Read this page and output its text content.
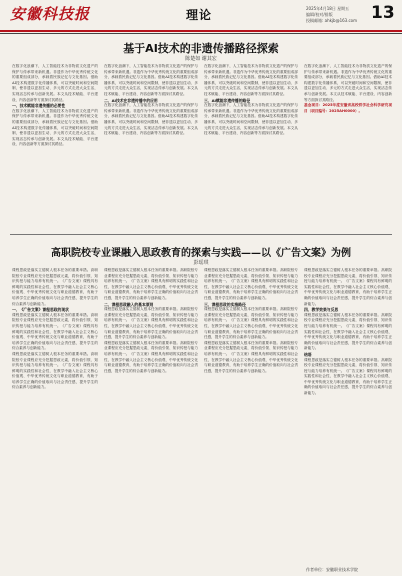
安徽科技报	理论	2025年4月18日 星期五
编辑/校对/排版
投稿邮箱: ahkjb@163.com 13
基于AI技术的非遗传播路径探索
陈楚如 谢其宏

在数字化浪潮下，人工智能技术为非物质文化遗产的保护与传承带来新机遇。非遗作为中华优秀传统文化的重要组成部分，承载着民族记忆与文化基因。借助AI技术构建数字化传播体系，可以突破时间和空间限制，使非遗以更加生动、多元的方式走进大众生活，实现活态传承与创新发展。本文从技术赋能、平台建设、内容创新等方面探讨其路径。

一、技术赋能非遗传播的必要性

在数字化浪潮下，人工智能技术为非物质文化遗产的保护与传承带来新机遇。非遗作为中华优秀传统文化的重要组成部分，承载着民族记忆与文化基因。借助AI技术构建数字化传播体系，可以突破时间和空间限制，使非遗以更加生动、多元的方式走进大众生活，实现活态传承与创新发展。本文从技术赋能、平台建设、内容创新等方面探讨其路径。

在数字化浪潮下，人工智能技术为非物质文化遗产的保护与传承带来新机遇。非遗作为中华优秀传统文化的重要组成部分，承载着民族记忆与文化基因。借助AI技术构建数字化传播体系，可以突破时间和空间限制，使非遗以更加生动、多元的方式走进大众生活，实现活态传承与创新发展。本文从技术赋能、平台建设、内容创新等方面探讨其路径。

二、AI技术在非遗传播中的应用

在数字化浪潮下，人工智能技术为非物质文化遗产的保护与传承带来新机遇。非遗作为中华优秀传统文化的重要组成部分，承载着民族记忆与文化基因。借助AI技术构建数字化传播体系，可以突破时间和空间限制，使非遗以更加生动、多元的方式走进大众生活，实现活态传承与创新发展。本文从技术赋能、平台建设、内容创新等方面探讨其路径。

在数字化浪潮下，人工智能技术为非物质文化遗产的保护与传承带来新机遇。非遗作为中华优秀传统文化的重要组成部分，承载着民族记忆与文化基因。借助AI技术构建数字化传播体系，可以突破时间和空间限制，使非遗以更加生动、多元的方式走进大众生活，实现活态传承与创新发展。本文从技术赋能、平台建设、内容创新等方面探讨其路径。

三、AI赋能非遗传播的路径

在数字化浪潮下，人工智能技术为非物质文化遗产的保护与传承带来新机遇。非遗作为中华优秀传统文化的重要组成部分，承载着民族记忆与文化基因。借助AI技术构建数字化传播体系，可以突破时间和空间限制，使非遗以更加生动、多元的方式走进大众生活，实现活态传承与创新发展。本文从技术赋能、平台建设、内容创新等方面探讨其路径。

在数字化浪潮下，人工智能技术为非物质文化遗产的保护与传承带来新机遇。非遗作为中华优秀传统文化的重要组成部分，承载着民族记忆与文化基因。借助AI技术构建数字化传播体系，可以突破时间和空间限制，使非遗以更加生动、多元的方式走进大众生活，实现活态传承与创新发展。本文从技术赋能、平台建设、内容创新等方面探讨其路径。

基金项目：2025年度安徽省高校哲学社会科学研究项目（项目编号：2025AH0000）。

高职院校专业课融入思政教育的探索与实践——以《广告文案》为例
彭瑶琪

课程思政是落实立德树人根本任务的重要举措。高职院校专业课程应充分挖掘思政元素，将价值引领、知识传授与能力培养有机统一。《广告文案》课程具有鲜明的实践性和社会性，在教学中融入社会主义核心价值观、中华优秀传统文化与职业道德教育，有助于培养学生正确的价值取向与社会责任感，提升学生的综合素养与创新能力。

一、《广告文案》课程思政的现状

课程思政是落实立德树人根本任务的重要举措。高职院校专业课程应充分挖掘思政元素，将价值引领、知识传授与能力培养有机统一。《广告文案》课程具有鲜明的实践性和社会性，在教学中融入社会主义核心价值观、中华优秀传统文化与职业道德教育，有助于培养学生正确的价值取向与社会责任感，提升学生的综合素养与创新能力。

课程思政是落实立德树人根本任务的重要举措。高职院校专业课程应充分挖掘思政元素，将价值引领、知识传授与能力培养有机统一。《广告文案》课程具有鲜明的实践性和社会性，在教学中融入社会主义核心价值观、中华优秀传统文化与职业道德教育，有助于培养学生正确的价值取向与社会责任感，提升学生的综合素养与创新能力。

课程思政是落实立德树人根本任务的重要举措。高职院校专业课程应充分挖掘思政元素，将价值引领、知识传授与能力培养有机统一。《广告文案》课程具有鲜明的实践性和社会性，在教学中融入社会主义核心价值观、中华优秀传统文化与职业道德教育，有助于培养学生正确的价值取向与社会责任感，提升学生的综合素养与创新能力。

二、课程思政融入的基本原则

课程思政是落实立德树人根本任务的重要举措。高职院校专业课程应充分挖掘思政元素，将价值引领、知识传授与能力培养有机统一。《广告文案》课程具有鲜明的实践性和社会性，在教学中融入社会主义核心价值观、中华优秀传统文化与职业道德教育，有助于培养学生正确的价值取向与社会责任感，提升学生的综合素养与创新能力。

课程思政是落实立德树人根本任务的重要举措。高职院校专业课程应充分挖掘思政元素，将价值引领、知识传授与能力培养有机统一。《广告文案》课程具有鲜明的实践性和社会性，在教学中融入社会主义核心价值观、中华优秀传统文化与职业道德教育，有助于培养学生正确的价值取向与社会责任感，提升学生的综合素养与创新能力。

课程思政是落实立德树人根本任务的重要举措。高职院校专业课程应充分挖掘思政元素，将价值引领、知识传授与能力培养有机统一。《广告文案》课程具有鲜明的实践性和社会性，在教学中融入社会主义核心价值观、中华优秀传统文化与职业道德教育，有助于培养学生正确的价值取向与社会责任感，提升学生的综合素养与创新能力。

三、课程思政的实施路径

课程思政是落实立德树人根本任务的重要举措。高职院校专业课程应充分挖掘思政元素，将价值引领、知识传授与能力培养有机统一。《广告文案》课程具有鲜明的实践性和社会性，在教学中融入社会主义核心价值观、中华优秀传统文化与职业道德教育，有助于培养学生正确的价值取向与社会责任感，提升学生的综合素养与创新能力。

课程思政是落实立德树人根本任务的重要举措。高职院校专业课程应充分挖掘思政元素，将价值引领、知识传授与能力培养有机统一。《广告文案》课程具有鲜明的实践性和社会性，在教学中融入社会主义核心价值观、中华优秀传统文化与职业道德教育，有助于培养学生正确的价值取向与社会责任感，提升学生的综合素养与创新能力。

课程思政是落实立德树人根本任务的重要举措。高职院校专业课程应充分挖掘思政元素，将价值引领、知识传授与能力培养有机统一。《广告文案》课程具有鲜明的实践性和社会性，在教学中融入社会主义核心价值观、中华优秀传统文化与职业道德教育，有助于培养学生正确的价值取向与社会责任感，提升学生的综合素养与创新能力。

四、教学效果与反思

课程思政是落实立德树人根本任务的重要举措。高职院校专业课程应充分挖掘思政元素，将价值引领、知识传授与能力培养有机统一。《广告文案》课程具有鲜明的实践性和社会性，在教学中融入社会主义核心价值观、中华优秀传统文化与职业道德教育，有助于培养学生正确的价值取向与社会责任感，提升学生的综合素养与创新能力。

结语

课程思政是落实立德树人根本任务的重要举措。高职院校专业课程应充分挖掘思政元素，将价值引领、知识传授与能力培养有机统一。《广告文案》课程具有鲜明的实践性和社会性，在教学中融入社会主义核心价值观、中华优秀传统文化与职业道德教育，有助于培养学生正确的价值取向与社会责任感，提升学生的综合素养与创新能力。

作者单位：安徽职业技术学院
